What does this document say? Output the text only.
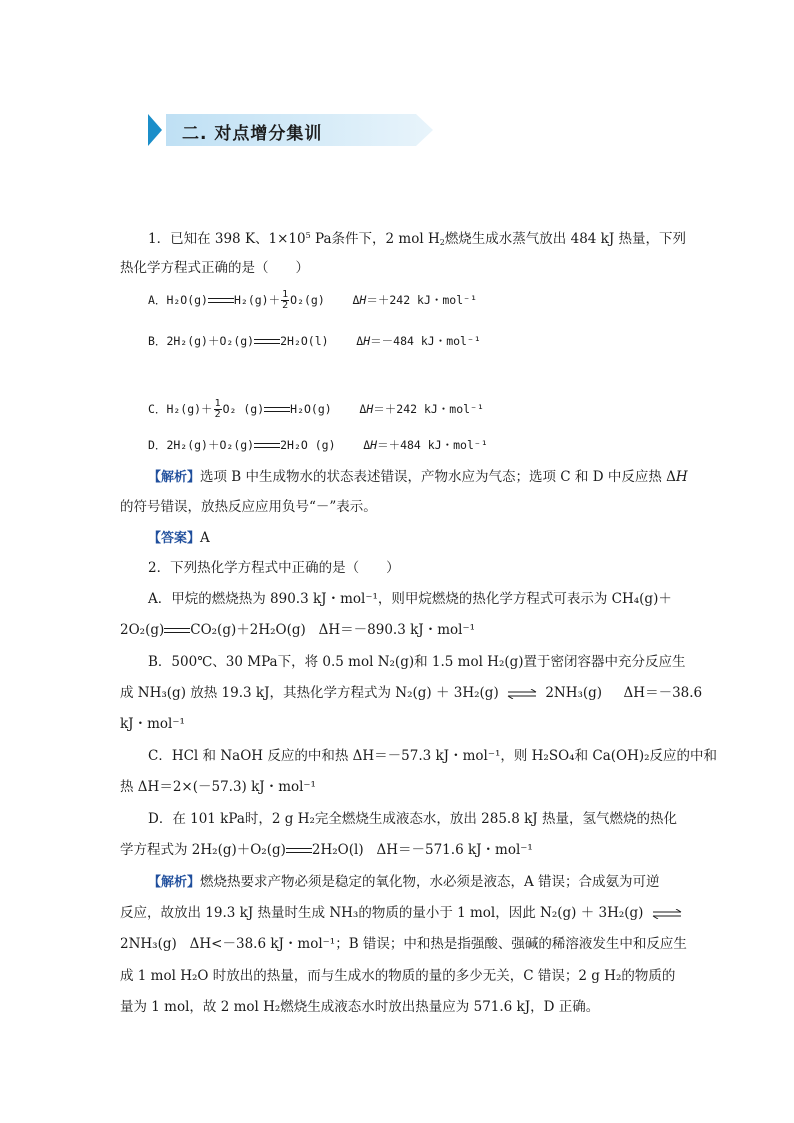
二. 对点增分集训
1．已知在 398 K、$1\times 10^5$ Pa条件下，2 mol $H_2$燃烧生成水蒸气放出 484 kJ 热量，下列
热化学方程式正确的是（　　）
A．H₂O(g) $H_2(g)+ \frac{1}{2} O_2(g)$ ΔH＝＋242 kJ・mol⁻¹
B．2H₂(g)＋O₂(g) 2H₂O(l) ΔH＝－484 kJ・mol⁻¹
C．$H_2(g)+ \frac{1}{2} O_2$ (g) H₂O(g) ΔH＝＋242 kJ・mol⁻¹
D．2H₂(g)＋O₂(g) 2H₂O (g) ΔH＝＋484 kJ・mol⁻¹
【解析】选项 B 中生成物水的状态表述错误，产物水应为气态；选项 C 和 D 中反应热 ΔH
的符号错误，放热反应应用负号“－”表示。
【答案】A
2．下列热化学方程式中正确的是（　　）
A．甲烷的燃烧热为 890.3 kJ・mol⁻¹，则甲烷燃烧的热化学方程式可表示为 CH₄(g)＋
2O₂(g) CO₂(g)＋2H₂O(g) ΔH＝－890.3 kJ・mol⁻¹
B．500℃、30 MPa下，将 0.5 mol N₂(g)和 1.5 mol H₂(g)置于密闭容器中充分反应生
成 NH₃(g) 放热 19.3 kJ，其热化学方程式为 N₂(g) ＋ 3H₂(g) ⇌ 2NH₃(g) ΔH＝－38.6
kJ・mol⁻¹
C．HCl 和 NaOH 反应的中和热 ΔH＝－57.3 kJ・mol⁻¹，则 H₂SO₄和 Ca(OH)₂反应的中和
热 ΔH＝2×(－57.3) kJ・mol⁻¹
D．在 101 kPa时，2 g H₂完全燃烧生成液态水，放出 285.8 kJ 热量，氢气燃烧的热化
学方程式为 2H₂(g)＋O₂(g) 2H₂O(l) ΔH＝－571.6 kJ・mol⁻¹
【解析】燃烧热要求产物必须是稳定的氧化物，水必须是液态，A 错误；合成氨为可逆
反应，故放出 19.3 kJ 热量时生成 NH₃的物质的量小于 1 mol，因此 N₂(g) ＋ 3H₂(g) ⇌
2NH₃(g) ΔH<－38.6 kJ・mol⁻¹；B 错误；中和热是指强酸、强碱的稀溶液发生中和反应生
成 1 mol H₂O 时放出的热量，而与生成水的物质的量的多少无关，C 错误；2 g H₂的物质的
量为 1 mol，故 2 mol H₂燃烧生成液态水时放出热量应为 571.6 kJ，D 正确。
